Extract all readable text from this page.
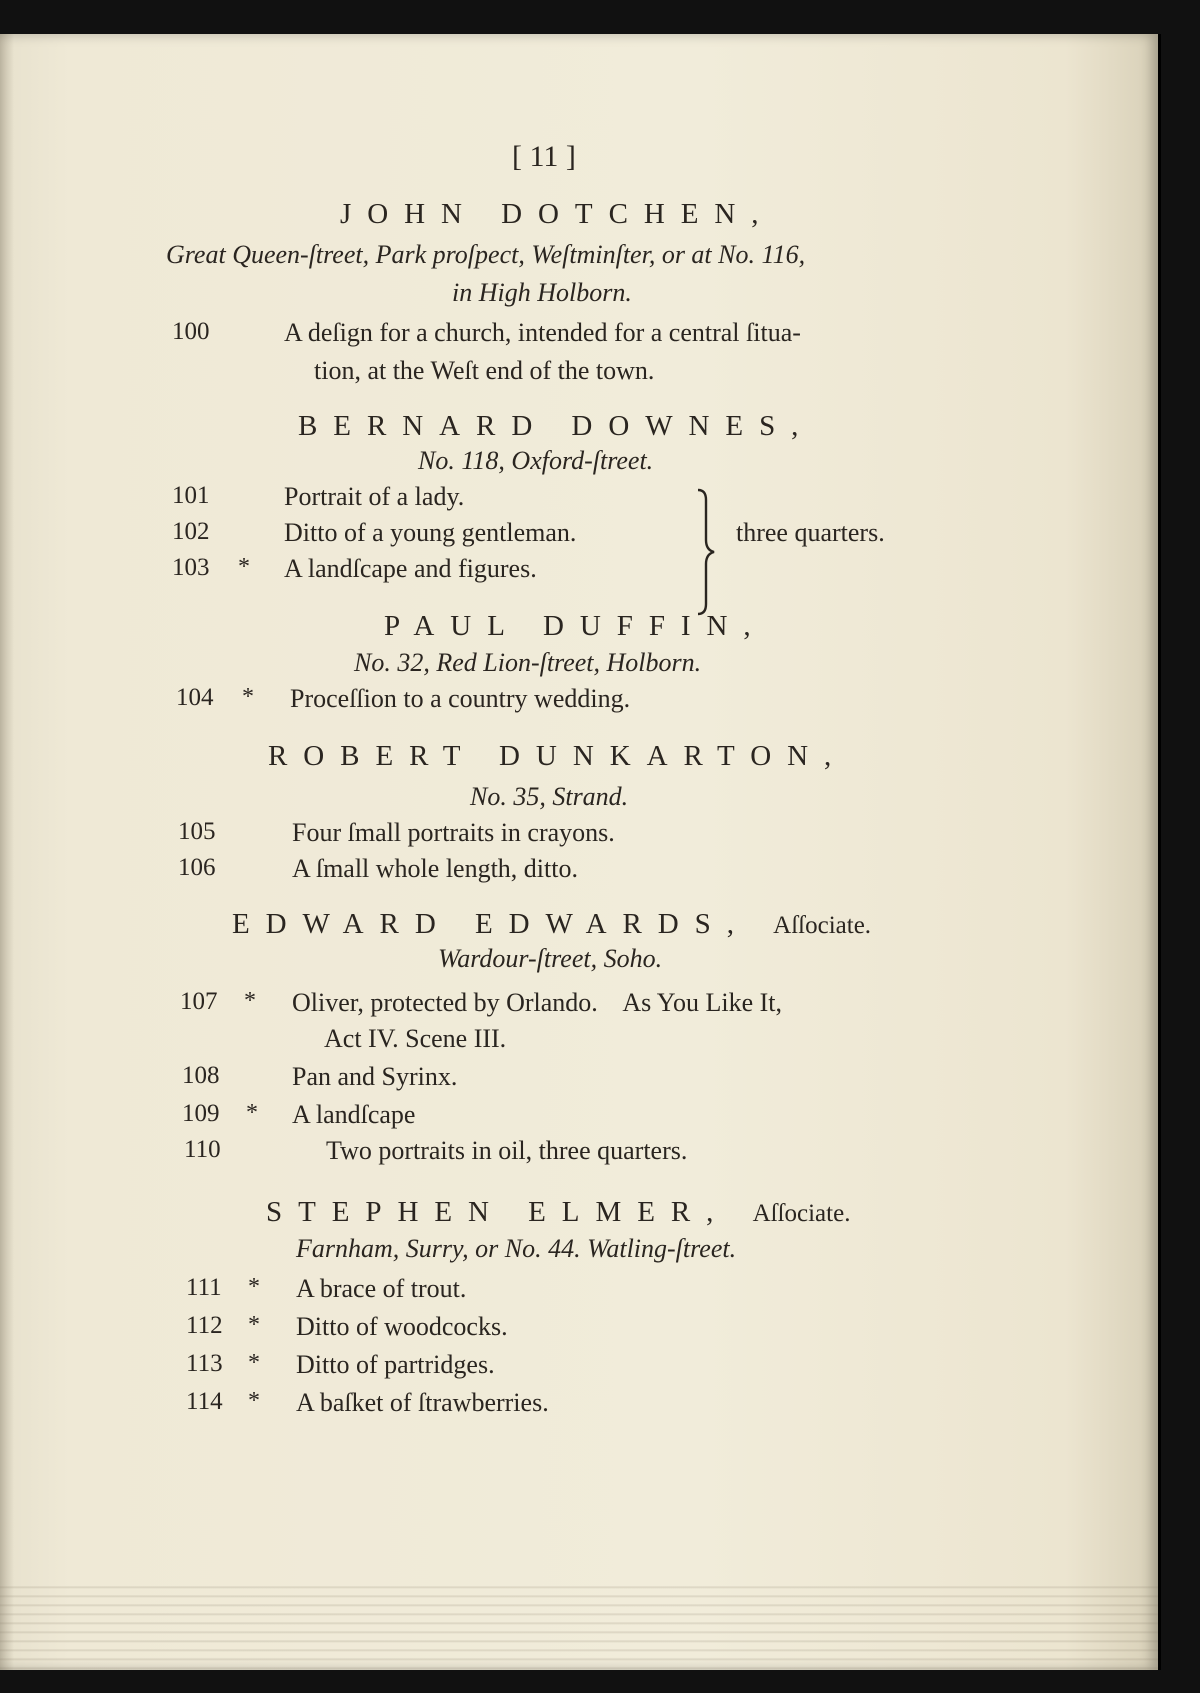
[ 11 ]
JOHN DOTCHEN,
Great Queen-ſtreet, Park proſpect, Weſtminſter, or at No. 116,
in High Holborn.
100	A deſign for a church, intended for a central ſitua-
tion, at the Weſt end of the town.
BERNARD DOWNES,
No. 118, Oxford-ſtreet.
101	Portrait of a lady.
102	Ditto of a young gentleman.
103 * A landſcape and figures.
three quarters.
PAUL DUFFIN,
No. 32, Red Lion-ſtreet, Holborn.
104 * Proceſſion to a country wedding.
ROBERT DUNKARTON,
No. 35, Strand.
105	Four ſmall portraits in crayons.
106	A ſmall whole length, ditto.
EDWARD EDWARDS, Aſſociate.
Wardour-ſtreet, Soho.
107 * Oliver, protected by Orlando.    As You Like It,
Act IV. Scene III.
108	Pan and Syrinx.
109 * A landſcape
110	Two portraits in oil, three quarters.
STEPHEN ELMER, Aſſociate.
Farnham, Surry, or No. 44. Watling-ſtreet.
111 * A brace of trout.
112 * Ditto of woodcocks.
113 * Ditto of partridges.
114 * A baſket of ſtrawberries.
